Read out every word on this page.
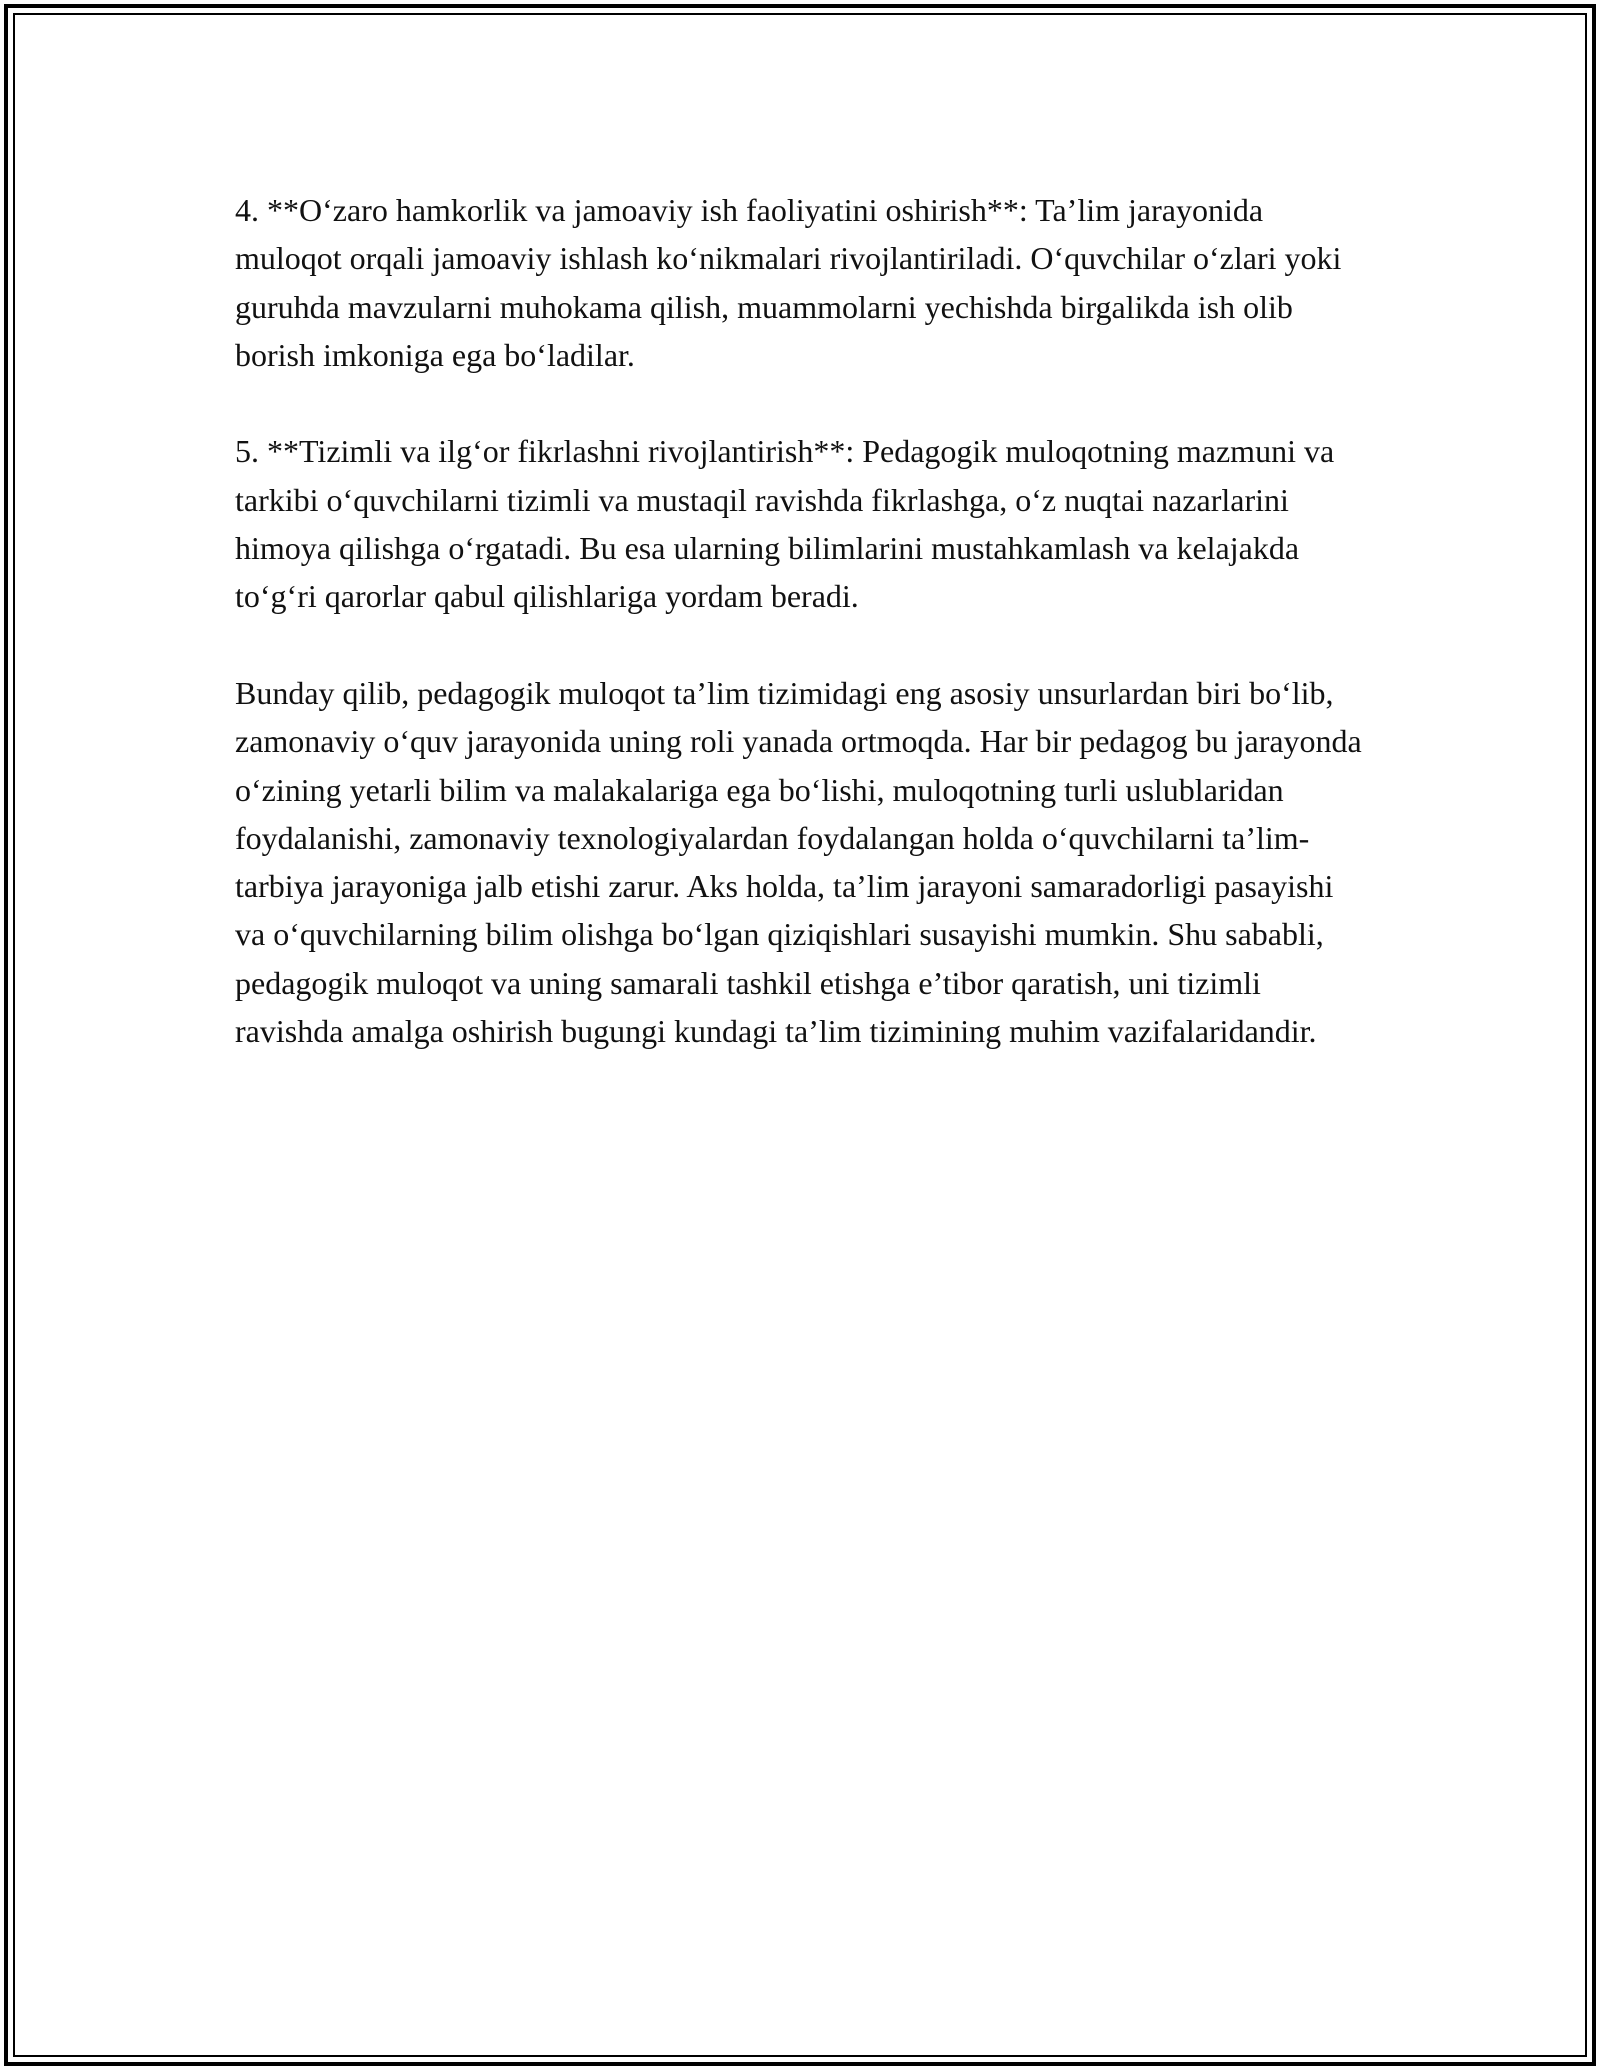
4. **O‘zaro hamkorlik va jamoaviy ish faoliyatini oshirish**: Ta’lim jarayonida muloqot orqali jamoaviy ishlash ko‘nikmalari rivojlantiriladi. O‘quvchilar o‘zlari yoki guruhda mavzularni muhokama qilish, muammolarni yechishda birgalikda ish olib borish imkoniga ega bo‘ladilar.

5. **Tizimli va ilg‘or fikrlashni rivojlantirish**: Pedagogik muloqotning mazmuni va tarkibi o‘quvchilarni tizimli va mustaqil ravishda fikrlashga, o‘z nuqtai nazarlarini himoya qilishga o‘rgatadi. Bu esa ularning bilimlarini mustahkamlash va kelajakda to‘g‘ri qarorlar qabul qilishlariga yordam beradi.

Bunday qilib, pedagogik muloqot ta’lim tizimidagi eng asosiy unsurlardan biri bo‘lib, zamonaviy o‘quv jarayonida uning roli yanada ortmoqda. Har bir pedagog bu jarayonda o‘zining yetarli bilim va malakalariga ega bo‘lishi, muloqotning turli uslublaridan foydalanishi, zamonaviy texnologiyalardan foydalangan holda o‘quvchilarni ta’lim-tarbiya jarayoniga jalb etishi zarur. Aks holda, ta’lim jarayoni samaradorligi pasayishi va o‘quvchilarning bilim olishga bo‘lgan qiziqishlari susayishi mumkin. Shu sababli, pedagogik muloqot va uning samarali tashkil etishga e’tibor qaratish, uni tizimli ravishda amalga oshirish bugungi kundagi ta’lim tizimining muhim vazifalaridandir.
